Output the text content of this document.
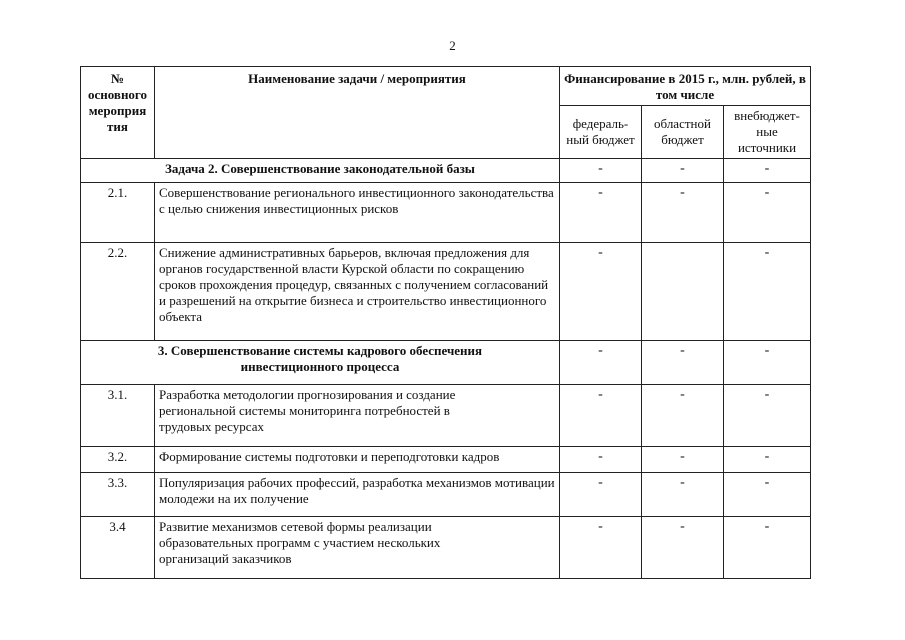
2
№ основного мероприя тия	Наименование задачи / мероприятия	Финансирование в 2015 г., млн. рублей, в том числе		
		федераль- ный бюджет	областной бюджет	внебюджет- ные источники
Задача 2. Совершенствование законодательной базы		-	-	-
2.1.	Совершенствование регионального инвестиционного законодательства с целью снижения инвестиционных рисков	-	-	-
2.2.	Снижение административных барьеров, включая предложения для органов государственной власти Курской области по сокращению сроков прохождения процедур, связанных с получением согласований и разрешений на открытие бизнеса и строительство инвестиционного объекта	-		-
3. Совершенствование системы кадрового обеспечения инвестиционного процесса		-	-	-
3.1.	Разработка методологии прогнозирования и создание региональной системы мониторинга потребностей в трудовых ресурсах	-	-	-
3.2.	Формирование системы подготовки и переподготовки кадров	-	-	-
3.3.	Популяризация рабочих профессий, разработка механизмов мотивации молодежи на их получение	-	-	-
3.4	Развитие механизмов сетевой формы реализации образовательных программ с участием нескольких организаций заказчиков	-	-	-
